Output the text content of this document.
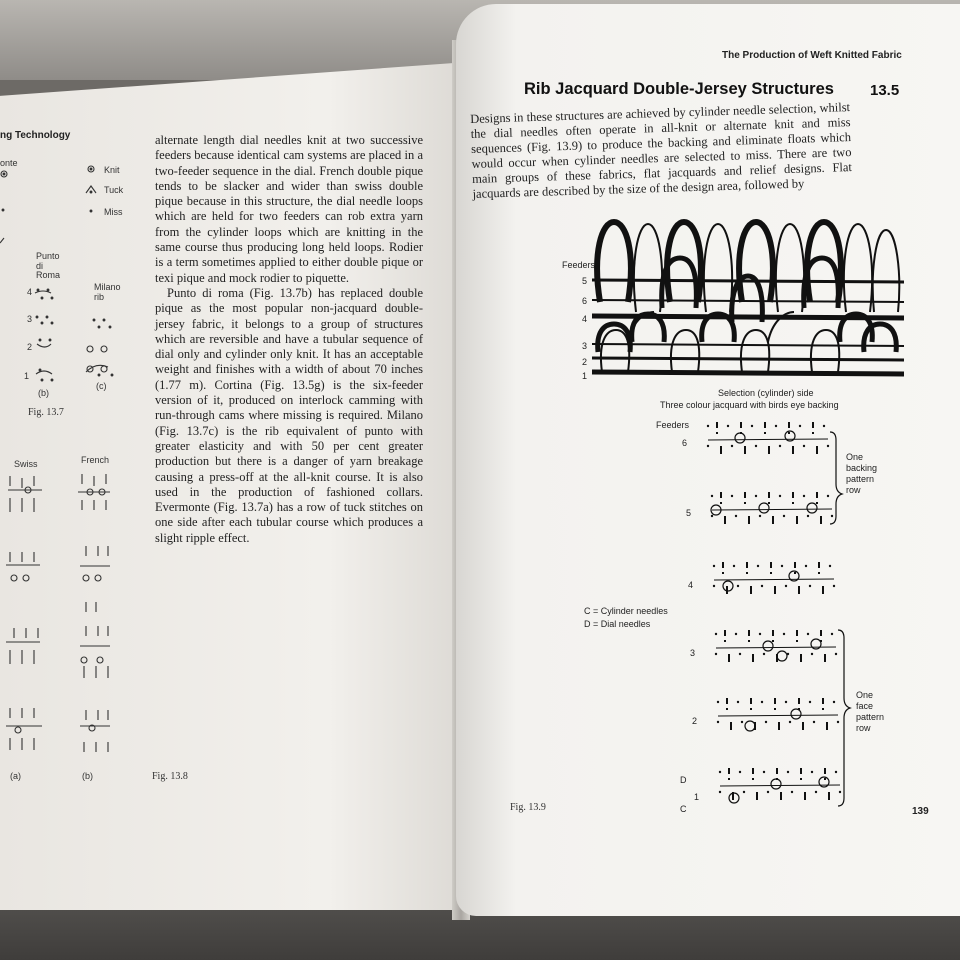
ng Technology
onte
Knit
Tuck
Miss
Punto
di
Roma
Milano
rib
4
3
2
1
(b)
(c)
Fig. 13.7
Swiss	French
(a)	(b)	Fig. 13.8

alternate length dial needles knit at two successive feeders because identical cam systems are placed in a two-feeder sequence in the dial. French double pique tends to be slacker and wider than swiss double pique because in this structure, the dial needle loops which are held for two feeders can rob extra yarn from the cylinder loops which are knitting in the same course thus producing long held loops. Rodier is a term sometimes applied to either double pique or texi pique and mock rodier to piquette.

Punto di roma (Fig. 13.7b) has replaced double pique as the most popular non-jacquard double-jersey fabric, it belongs to a group of structures which are reversible and have a tubular sequence of dial only and cylinder only knit. It has an acceptable weight and finishes with a width of about 70 inches (1.77 m). Cortina (Fig. 13.5g) is the six-feeder version of it, produced on interlock camming with run-through cams where missing is required. Milano (Fig. 13.7c) is the rib equivalent of punto with greater elasticity and with 50 per cent greater production but there is a danger of yarn breakage causing a press-off at the all-knit course. It is also used in the production of fashioned collars. Evermonte (Fig. 13.7a) has a row of tuck stitches on one side after each tubular course which produces a slight ripple effect.

The Production of Weft Knitted Fabric
Rib Jacquard Double-Jersey Structures 13.5

Designs in these structures are achieved by cylinder needle selection, whilst the dial needles often operate in all-knit or alternate knit and miss sequences (Fig. 13.9) to produce the backing and eliminate floats which would occur when cylinder needles are selected to miss. There are two main groups of these fabrics, flat jacquards and relief designs. Flat jacquards are described by the size of the design area, followed by

Feeders
5
6
4
3
2
1
Selection (cylinder) side
Three colour jacquard with birds eye backing
Feeders
6
5
4
3
2
1
One backing pattern row
One face pattern row
C = Cylinder needles
D = Dial needles
D
C
Fig. 13.9	139
